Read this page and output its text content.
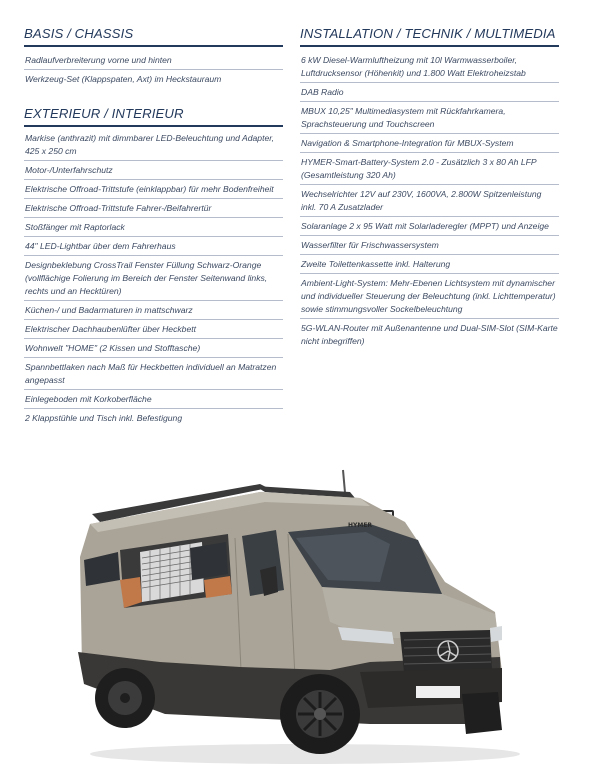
BASIS / CHASSIS
Radlaufverbreiterung vorne und hinten
Werkzeug-Set (Klappspaten, Axt) im Heckstauraum
EXTERIEUR / INTERIEUR
Markise (anthrazit) mit dimmbarer LED-Beleuchtung und Adapter, 425 x 250 cm
Motor-/Unterfahrschutz
Elektrische Offroad-Trittstufe (einklappbar) für mehr Bodenfreiheit
Elektrische Offroad-Trittstufe Fahrer-/Beifahrertür
Stoßfänger mit Raptorlack
44" LED-Lightbar über dem Fahrerhaus
Designbeklebung CrossTrail Fenster Füllung Schwarz-Orange (vollflächige Folierung im Bereich der Fenster Seitenwand links, rechts und an Hecktüren)
Küchen-/ und Badarmaturen in mattschwarz
Elektrischer Dachhaubenlüfter über Heckbett
Wohnwelt "HOME" (2 Kissen und Stofftasche)
Spannbettlaken nach Maß für Heckbetten individuell an Matratzen angepasst
Einlegeboden mit Korkoberfläche
2 Klappstühle und Tisch inkl. Befestigung
INSTALLATION / TECHNIK / MULTIMEDIA
6 kW Diesel-Warmluftheizung mit 10l Warmwasserboiler, Luftdrucksensor (Höhenkit) und 1.800 Watt Elektroheizstab
DAB Radio
MBUX 10,25" Multimediasystem mit Rückfahrkamera, Sprachsteuerung und Touchscreen
Navigation & Smartphone-Integration für MBUX-System
HYMER-Smart-Battery-System 2.0 - Zusätzlich 3 x 80 Ah LFP (Gesamtleistung 320 Ah)
Wechselrichter 12V auf 230V, 1600VA, 2.800W Spitzenleistung inkl. 70 A Zusatzlader
Solaranlage 2 x 95 Watt mit Solarladeregler (MPPT) und Anzeige
Wasserfilter für Frischwassersystem
Zweite Toilettenkassette inkl. Halterung
Ambient-Light-System: Mehr-Ebenen Lichtsystem mit dynamischer und individueller Steuerung der Beleuchtung (inkl. Lichttemperatur) sowie stimmungsvoller Sockelbeleuchtung
5G-WLAN-Router mit Außenantenne und Dual-SIM-Slot (SIM-Karte nicht inbegriffen)
HYMER
